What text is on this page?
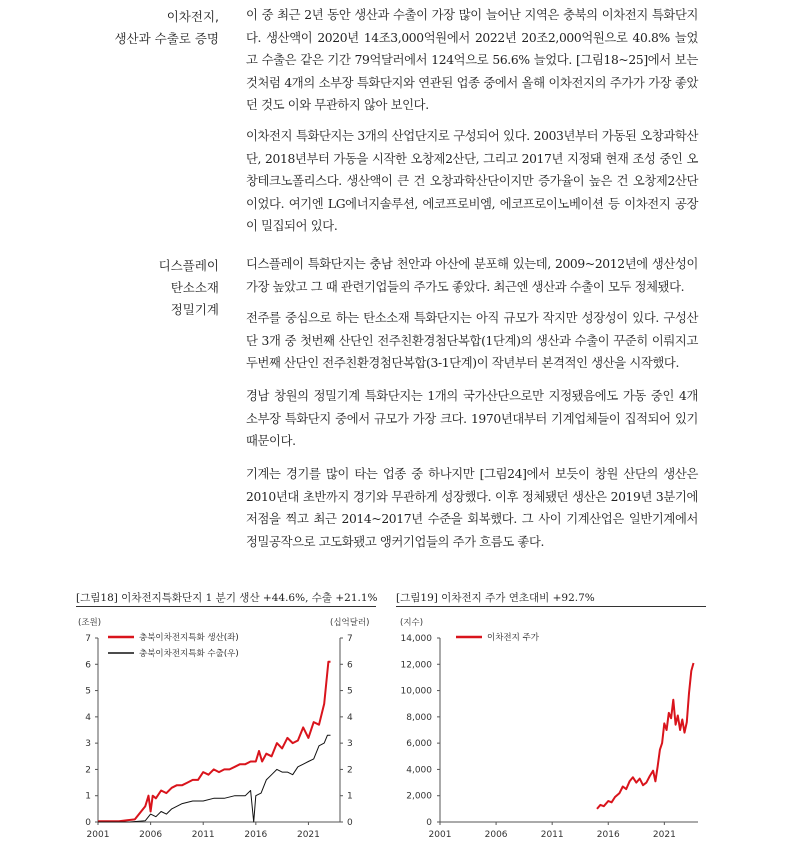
이차전지,
생산과 수출로 증명

이 중 최근 2년 동안 생산과 수출이 가장 많이 늘어난 지역은 충북의 이차전지 특화단지다. 생산액이 2020년 14조3,000억원에서 2022년 20조2,000억원으로 40.8% 늘었고 수출은 같은 기간 79억달러에서 124억으로 56.6% 늘었다. [그림18~25]에서 보는 것처럼 4개의 소부장 특화단지와 연관된 업종 중에서 올해 이차전지의 주가가 가장 좋았던 것도 이와 무관하지 않아 보인다.

이차전지 특화단지는 3개의 산업단지로 구성되어 있다. 2003년부터 가동된 오창과학산단, 2018년부터 가동을 시작한 오창제2산단, 그리고 2017년 지정돼 현재 조성 중인 오창테크노폴리스다. 생산액이 큰 건 오창과학산단이지만 증가율이 높은 건 오창제2산단이었다. 여기엔 LG에너지솔루션, 에코프로비엠, 에코프로이노베이션 등 이차전지 공장이 밀집되어 있다.

디스플레이
탄소소재
정밀기계

디스플레이 특화단지는 충남 천안과 아산에 분포해 있는데, 2009~2012년에 생산성이 가장 높았고 그 때 관련기업들의 주가도 좋았다. 최근엔 생산과 수출이 모두 정체됐다.

전주를 중심으로 하는 탄소소재 특화단지는 아직 규모가 작지만 성장성이 있다. 구성산단 3개 중 첫번째 산단인 전주친환경첨단복합(1단계)의 생산과 수출이 꾸준히 이뤄지고 두번째 산단인 전주친환경첨단복합(3-1단계)이 작년부터 본격적인 생산을 시작했다.

경남 창원의 정밀기계 특화단지는 1개의 국가산단으로만 지정됐음에도 가동 중인 4개 소부장 특화단지 중에서 규모가 가장 크다. 1970년대부터 기계업체들이 집적되어 있기 때문이다.

기계는 경기를 많이 타는 업종 중 하나지만 [그림24]에서 보듯이 창원 산단의 생산은 2010년대 초반까지 경기와 무관하게 성장했다. 이후 정체됐던 생산은 2019년 3분기에 저점을 찍고 최근 2014~2017년 수준을 회복했다. 그 사이 기계산업은 일반기계에서 정밀공작으로 고도화됐고 앵커기업들의 주가 흐름도 좋다.

[그림18] 이차전지특화단지 1 분기 생산 +44.6%, 수출 +21.1%
(조원)	(십억달러)
0	0
1	1
2	2
3	3
4	4
5	5
6	6
7	7
2001	2006	2011	2016	2021
충북이차전지특화 생산(좌)
충북이차전지특화 수출(우)
[그림19] 이차전지 주가 연초대비 +92.7%
(지수)
0
2,000
4,000
6,000
8,000
10,000
12,000
14,000
2001	2006	2011	2016	2021
이차전지 주가
